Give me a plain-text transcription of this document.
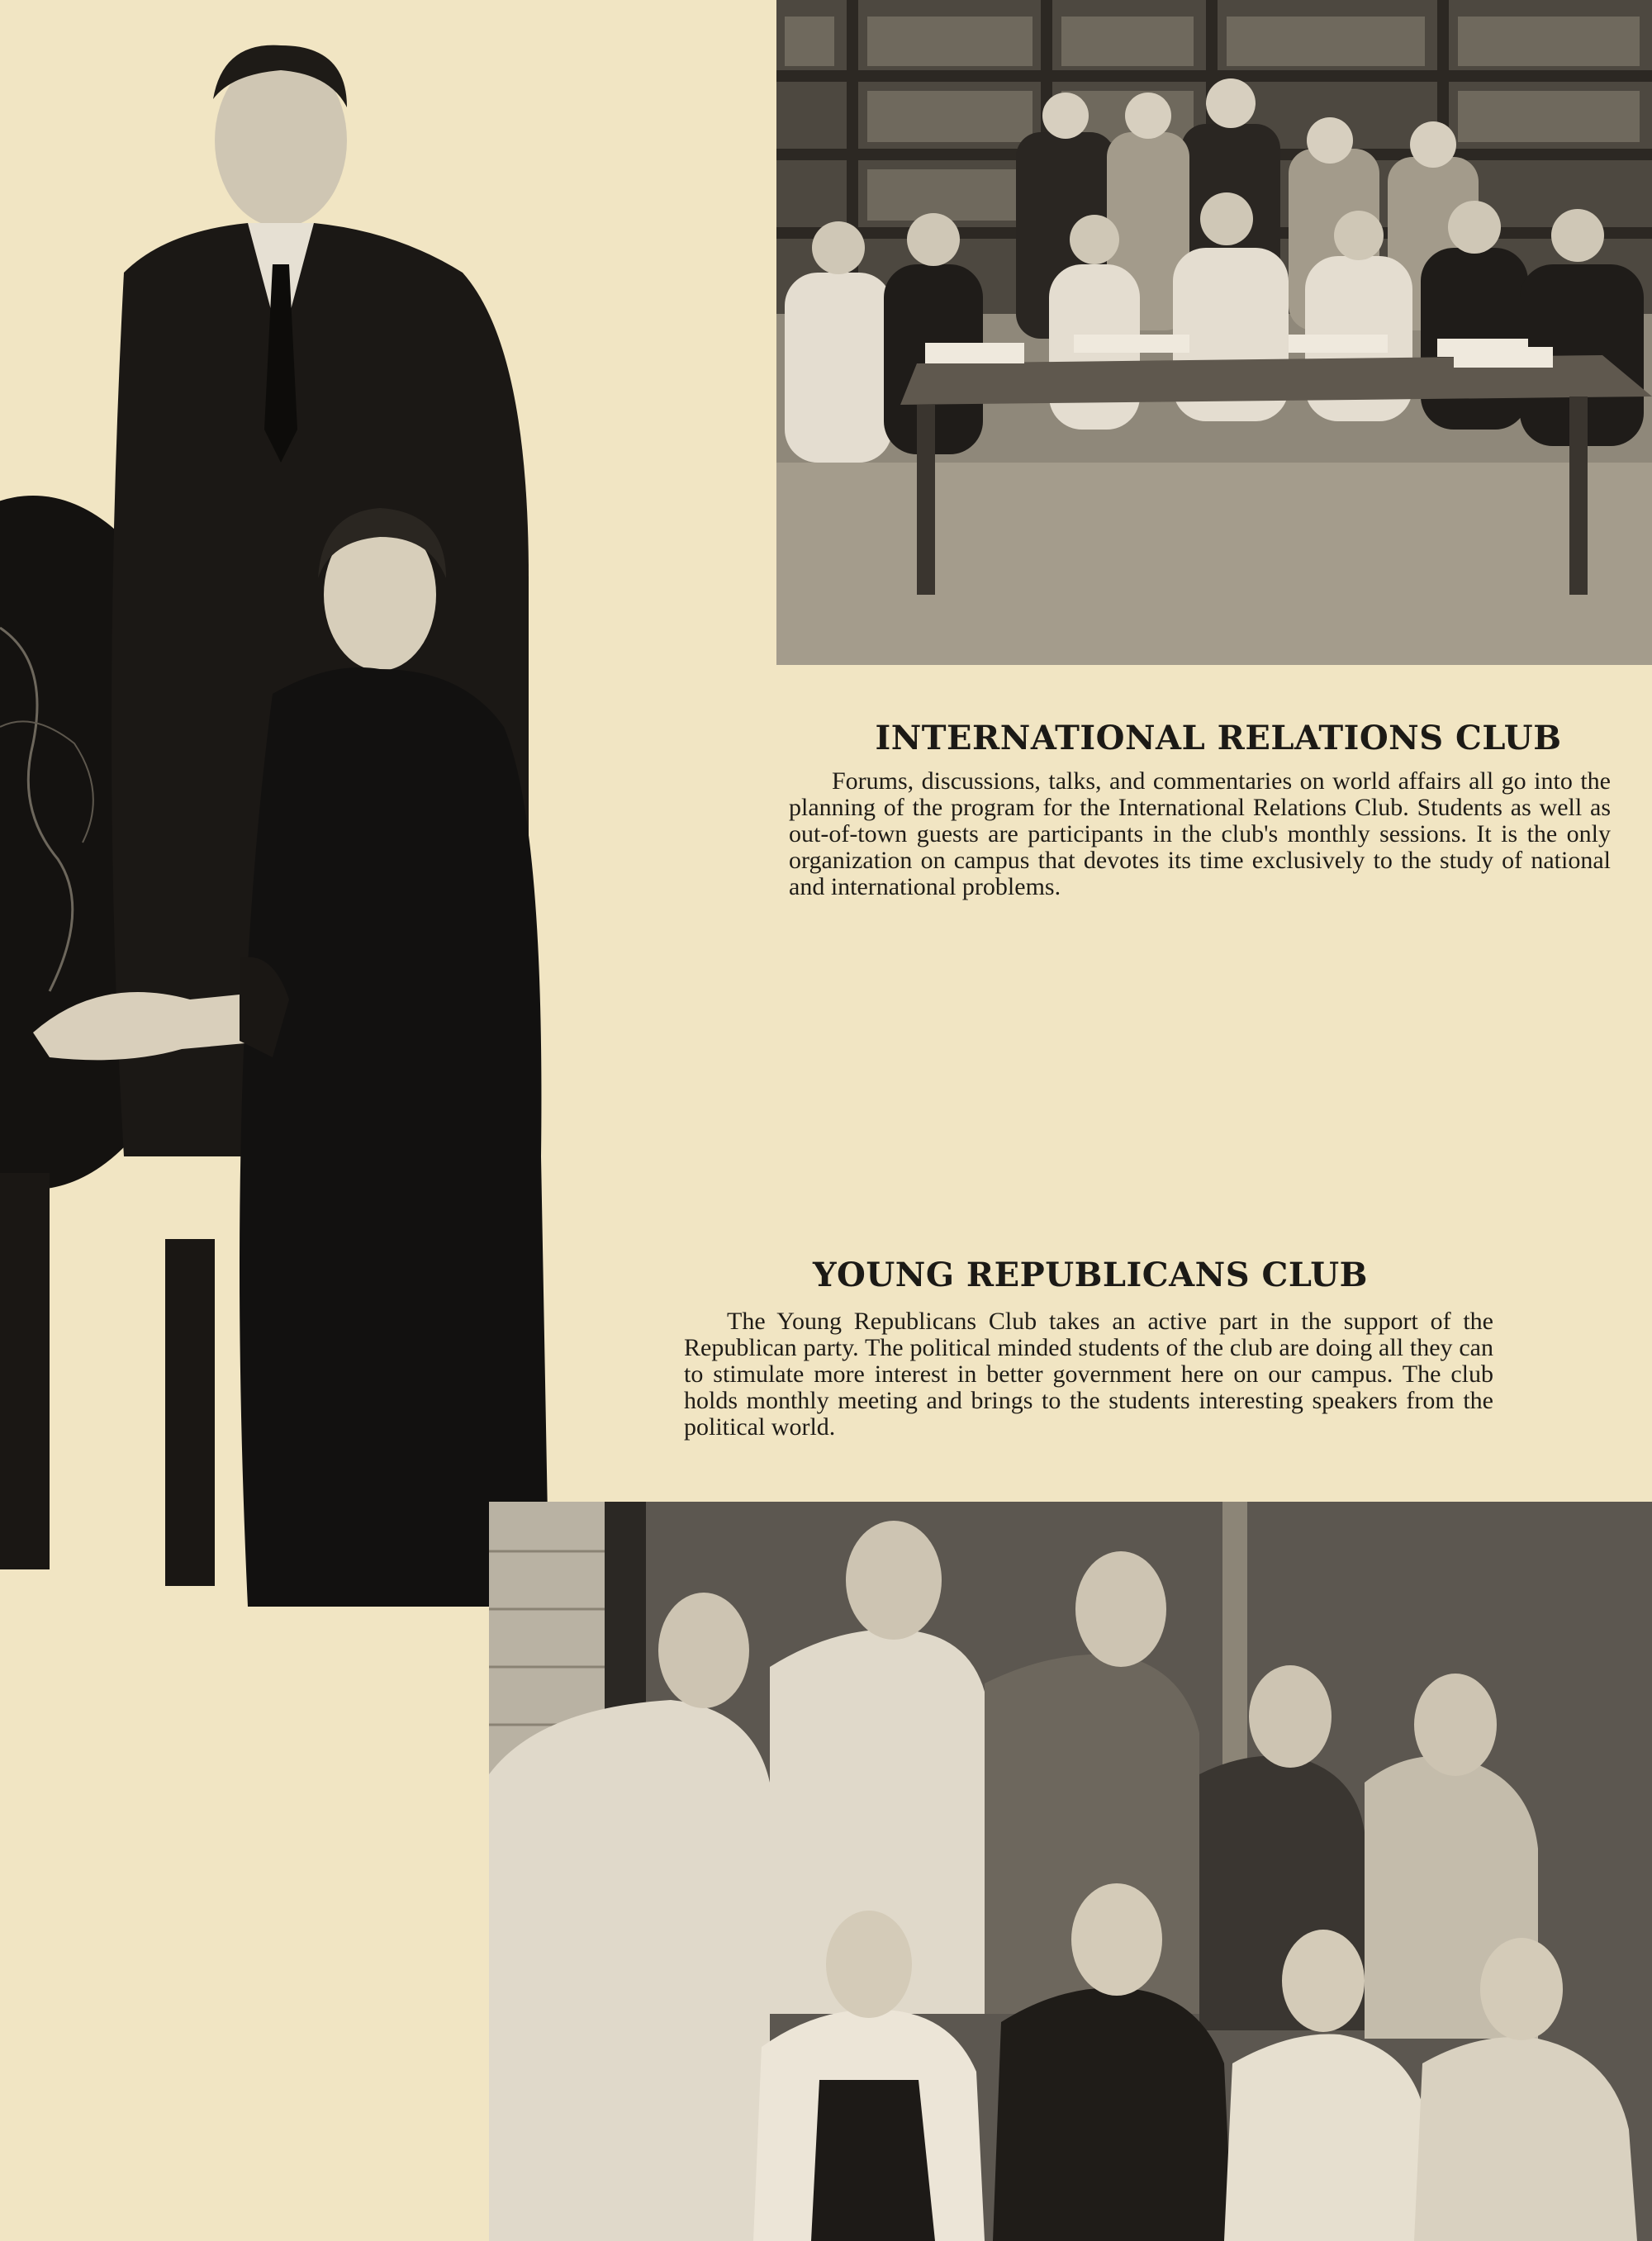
INTERNATIONAL RELATIONS CLUB

Forums, discussions, talks, and commentaries on world affairs all go into the planning of the program for the International Relations Club. Students as well as out-of-town guests are participants in the club's monthly sessions. It is the only organization on campus that devotes its time exclusively to the study of national and international problems.

YOUNG REPUBLICANS CLUB

The Young Republicans Club takes an active part in the support of the Republican party. The political minded students of the club are doing all they can to stimulate more interest in better government here on our campus. The club holds monthly meeting and brings to the students interesting speakers from the political world.
